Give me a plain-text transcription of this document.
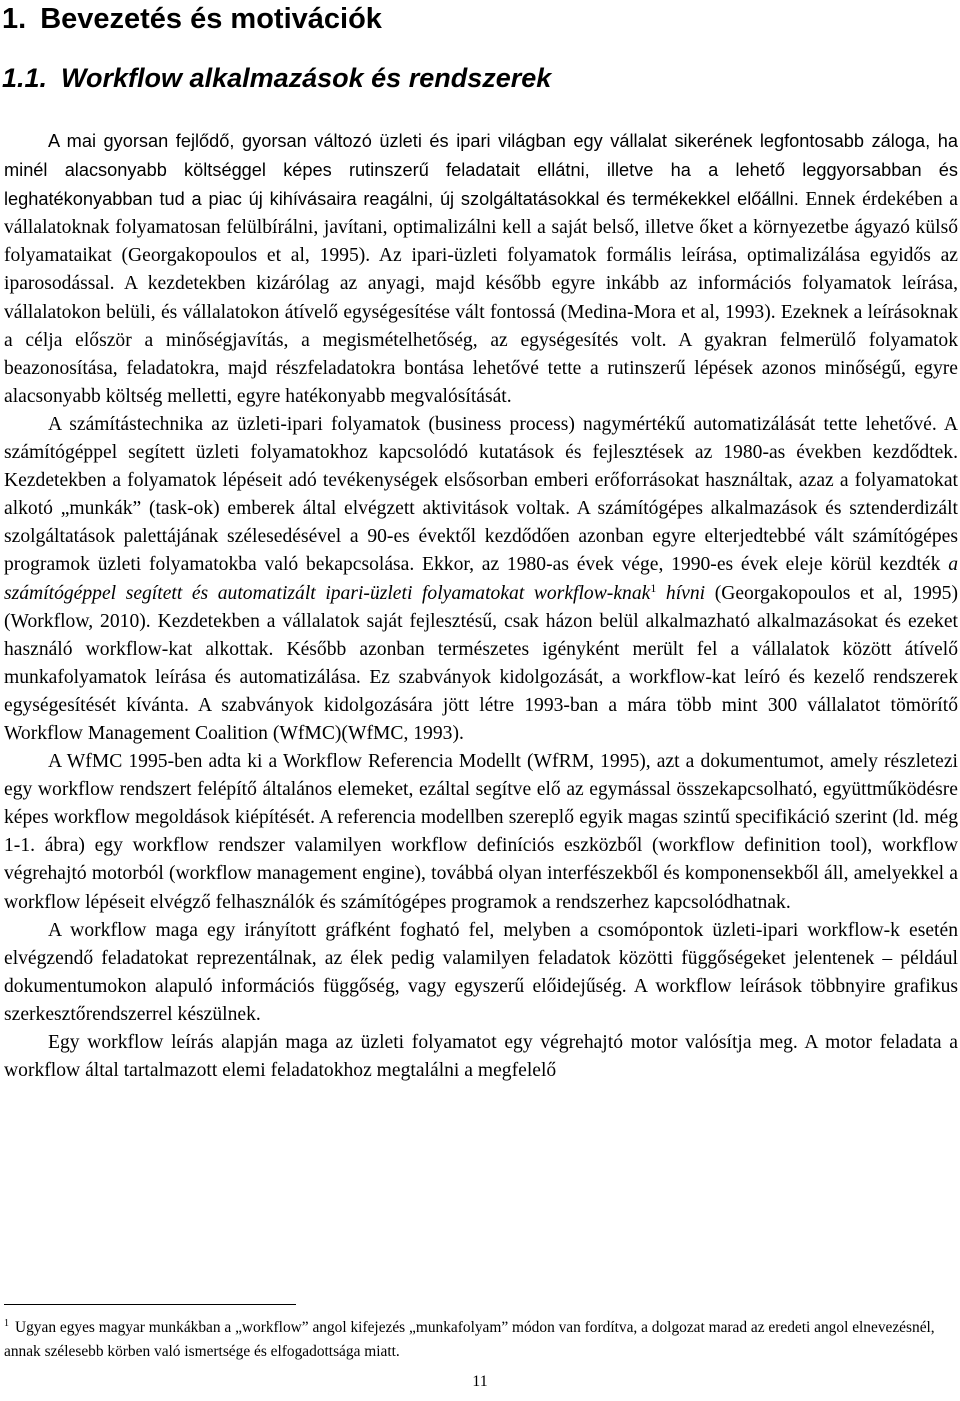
1. Bevezetés és motivációk
1.1. Workflow alkalmazások és rendszerek

A mai gyorsan fejlődő, gyorsan változó üzleti és ipari világban egy vállalat sikerének legfontosabb záloga, ha minél alacsonyabb költséggel képes rutinszerű feladatait ellátni, illetve ha a lehető leggyorsabban és leghatékonyabban tud a piac új kihívásaira reagálni, új szolgáltatásokkal és termékekkel előállni. Ennek érdekében a vállalatoknak folyamatosan felülbírálni, javítani, optimalizálni kell a saját belső, illetve őket a környezetbe ágyazó külső folyamataikat (Georgakopoulos et al, 1995). Az ipari-üzleti folyamatok formális leírása, optimalizálása egyidős az iparosodással. A kezdetekben kizárólag az anyagi, majd később egyre inkább az információs folyamatok leírása, vállalatokon belüli, és vállalatokon átívelő egységesítése vált fontossá (Medina-Mora et al, 1993). Ezeknek a leírásoknak a célja először a minőségjavítás, a megismételhetőség, az egységesítés volt. A gyakran felmerülő folyamatok beazonosítása, feladatokra, majd részfeladatokra bontása lehetővé tette a rutinszerű lépések azonos minőségű, egyre alacsonyabb költség melletti, egyre hatékonyabb megvalósítását.

A számítástechnika az üzleti-ipari folyamatok (business process) nagymértékű automatizálását tette lehetővé. A számítógéppel segített üzleti folyamatokhoz kapcsolódó kutatások és fejlesztések az 1980-as években kezdődtek. Kezdetekben a folyamatok lépéseit adó tevékenységek elsősorban emberi erőforrásokat használtak, azaz a folyamatokat alkotó „munkák” (task-ok) emberek által elvégzett aktivitások voltak. A számítógépes alkalmazások és sztenderdizált szolgáltatások palettájának szélesedésével a 90-es évektől kezdődően azonban egyre elterjedtebbé vált számítógépes programok üzleti folyamatokba való bekapcsolása. Ekkor, az 1980-as évek vége, 1990-es évek eleje körül kezdték a számítógéppel segített és automatizált ipari-üzleti folyamatokat workflow-knak$^1$ hívni (Georgakopoulos et al, 1995)(Workflow, 2010). Kezdetekben a vállalatok saját fejlesztésű, csak házon belül alkalmazható alkalmazásokat és ezeket használó workflow-kat alkottak. Később azonban természetes igényként merült fel a vállalatok között átívelő munkafolyamatok leírása és automatizálása. Ez szabványok kidolgozását, a workflow-kat leíró és kezelő rendszerek egységesítését kívánta. A szabványok kidolgozására jött létre 1993-ban a mára több mint 300 vállalatot tömörítő Workflow Management Coalition (WfMC)(WfMC, 1993).

A WfMC 1995-ben adta ki a Workflow Referencia Modellt (WfRM, 1995), azt a dokumentumot, amely részletezi egy workflow rendszert felépítő általános elemeket, ezáltal segítve elő az egymással összekapcsolható, együttműködésre képes workflow megoldások kiépítését. A referencia modellben szereplő egyik magas szintű specifikáció szerint (ld. még 1-1. ábra) egy workflow rendszer valamilyen workflow definíciós eszközből (workflow definition tool), workflow végrehajtó motorból (workflow management engine), továbbá olyan interfészekből és komponensekből áll, amelyekkel a workflow lépéseit elvégző felhasználók és számítógépes programok a rendszerhez kapcsolódhatnak.

A workflow maga egy irányított gráfként fogható fel, melyben a csomópontok üzleti-ipari workflow-k esetén elvégzendő feladatokat reprezentálnak, az élek pedig valamilyen feladatok közötti függőségeket jelentenek – például dokumentumokon alapuló információs függőség, vagy egyszerű előidejűség. A workflow leírások többnyire grafikus szerkesztőrendszerrel készülnek.

Egy workflow leírás alapján maga az üzleti folyamatot egy végrehajtó motor valósítja meg. A motor feladata a workflow által tartalmazott elemi feladatokhoz megtalálni a megfelelő

$^1$ Ugyan egyes magyar munkákban a „workflow” angol kifejezés „munkafolyam” módon van fordítva, a dolgozat marad az eredeti angol elnevezésnél, annak szélesebb körben való ismertsége és elfogadottsága miatt.
11
